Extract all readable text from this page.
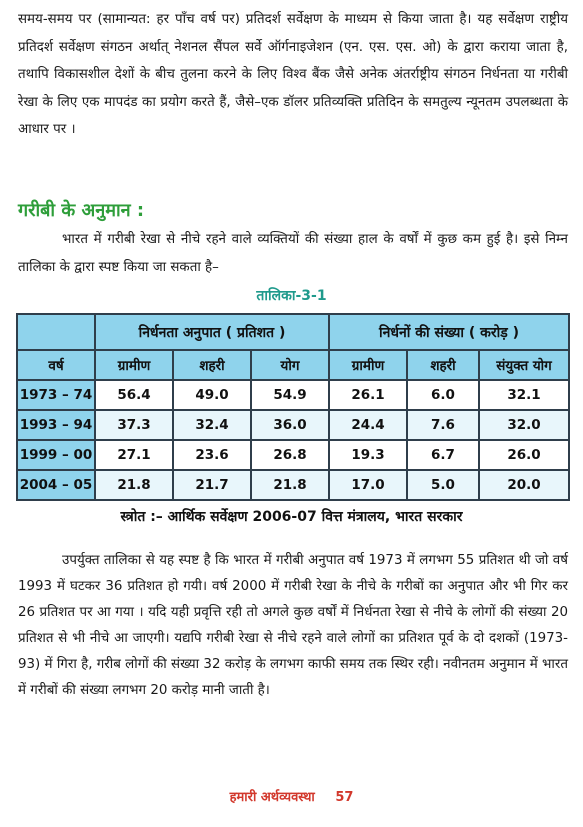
समय-समय पर (सामान्यत: हर पाँच वर्ष पर) प्रतिदर्श सर्वेक्षण के माध्यम से किया जाता है। यह सर्वेक्षण राष्ट्रीय प्रतिदर्श सर्वेक्षण संगठन अर्थात् नेशनल सैंपल सर्वे ऑर्गनाइजेशन (एन. एस. एस. ओ) के द्वारा कराया जाता है, तथापि विकासशील देशों के बीच तुलना करने के लिए विश्व बैंक जैसे अनेक अंतर्राष्ट्रीय संगठन निर्धनता या गरीबी रेखा के लिए एक मापदंड का प्रयोग करते हैं, जैसे–एक डॉलर प्रतिव्यक्ति प्रतिदिन के समतुल्य न्यूनतम उपलब्धता के आधार पर ।

गरीबी के अनुमान :

भारत में गरीबी रेखा से नीचे रहने वाले व्यक्तियों की संख्या हाल के वर्षों में कुछ कम हुई है। इसे निम्न तालिका के द्वारा स्पष्ट किया जा सकता है–

तालिका-3-1
	निर्धनता अनुपात ( प्रतिशत )			निर्धनों की संख्या ( करोड़ )		
वर्ष	ग्रामीण	शहरी	योग	ग्रामीण	शहरी	संयुक्त योग
1973 – 74	56.4	49.0	54.9	26.1	6.0	32.1
1993 – 94	37.3	32.4	36.0	24.4	7.6	32.0
1999 – 00	27.1	23.6	26.8	19.3	6.7	26.0
2004 – 05	21.8	21.7	21.8	17.0	5.0	20.0
स्त्रोत :– आर्थिक सर्वेक्षण 2006-07 वित्त मंत्रालय, भारत सरकार

उपर्युक्त तालिका से यह स्पष्ट है कि भारत में गरीबी अनुपात वर्ष 1973 में लगभग 55 प्रतिशत थी जो वर्ष 1993 में घटकर 36 प्रतिशत हो गयी। वर्ष 2000 में गरीबी रेखा के नीचे के गरीबों का अनुपात और भी गिर कर 26 प्रतिशत पर आ गया । यदि यही प्रवृत्ति रही तो अगले कुछ वर्षों में निर्धनता रेखा से नीचे के लोगों की संख्या 20 प्रतिशत से भी नीचे आ जाएगी। यद्यपि गरीबी रेखा से नीचे रहने वाले लोगों का प्रतिशत पूर्व के दो दशकों (1973-93) में गिरा है, गरीब लोगों की संख्या 32 करोड़ के लगभग काफी समय तक स्थिर रही। नवीनतम अनुमान में भारत में गरीबों की संख्या लगभग 20 करोड़ मानी जाती है।

हमारी अर्थव्यवस्था 57
